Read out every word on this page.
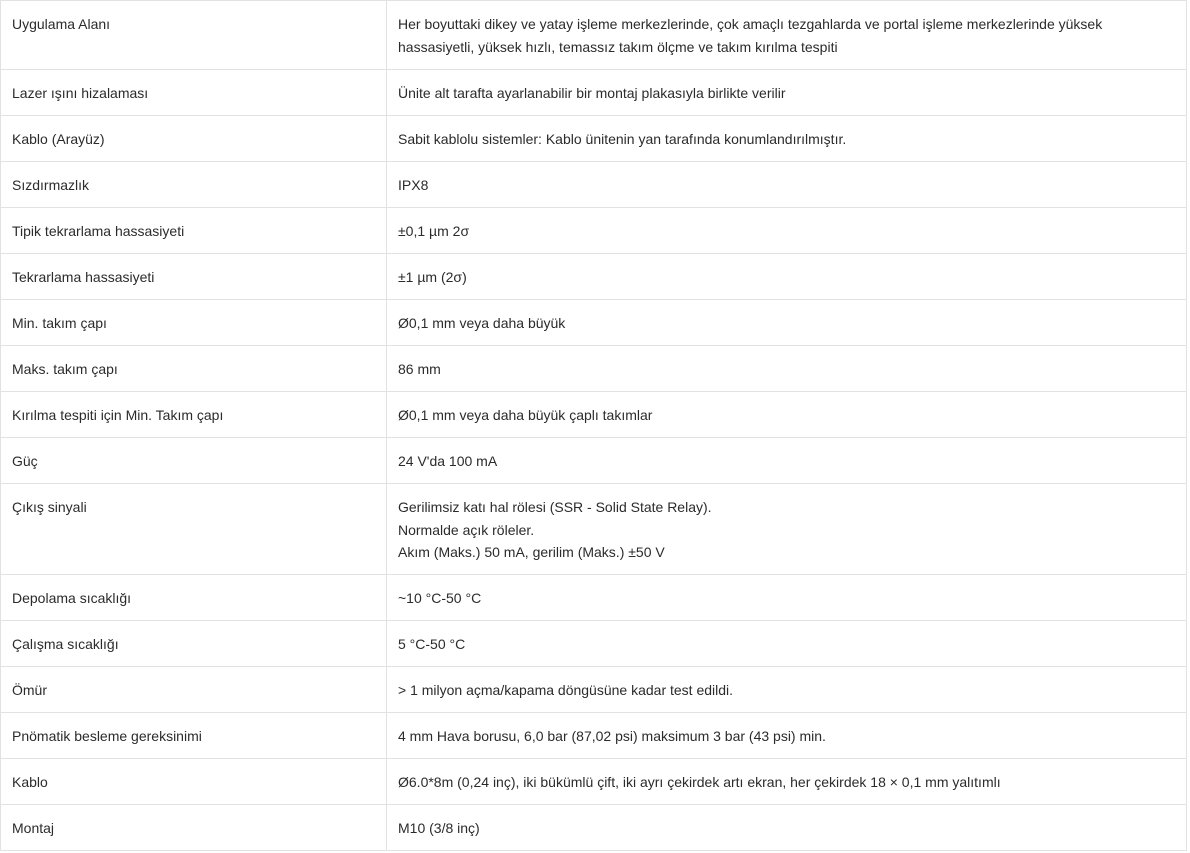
Uygulama Alanı	Her boyuttaki dikey ve yatay işleme merkezlerinde, çok amaçlı tezgahlarda ve portal işleme merkezlerinde yüksek hassasiyetli, yüksek hızlı, temassız takım ölçme ve takım kırılma tespiti
Lazer ışını hizalaması	Ünite alt tarafta ayarlanabilir bir montaj plakasıyla birlikte verilir
Kablo (Arayüz)	Sabit kablolu sistemler: Kablo ünitenin yan tarafında konumlandırılmıştır.
Sızdırmazlık	IPX8
Tipik tekrarlama hassasiyeti	±0,1 µm 2σ
Tekrarlama hassasiyeti	±1 µm (2σ)
Min. takım çapı	Ø0,1 mm veya daha büyük
Maks. takım çapı	86 mm
Kırılma tespiti için Min. Takım çapı	Ø0,1 mm veya daha büyük çaplı takımlar
Güç	24 V'da 100 mA
Çıkış sinyali	Gerilimsiz katı hal rölesi (SSR - Solid State Relay).
Normalde açık röleler.
Akım (Maks.) 50 mA, gerilim (Maks.) ±50 V
Depolama sıcaklığı	~10 °C-50 °C
Çalışma sıcaklığı	5 °C-50 °C
Ömür	> 1 milyon açma/kapama döngüsüne kadar test edildi.
Pnömatik besleme gereksinimi	4 mm Hava borusu, 6,0 bar (87,02 psi) maksimum 3 bar (43 psi) min.
Kablo	Ø6.0*8m (0,24 inç), iki bükümlü çift, iki ayrı çekirdek artı ekran, her çekirdek 18 × 0,1 mm yalıtımlı
Montaj	M10 (3/8 inç)
